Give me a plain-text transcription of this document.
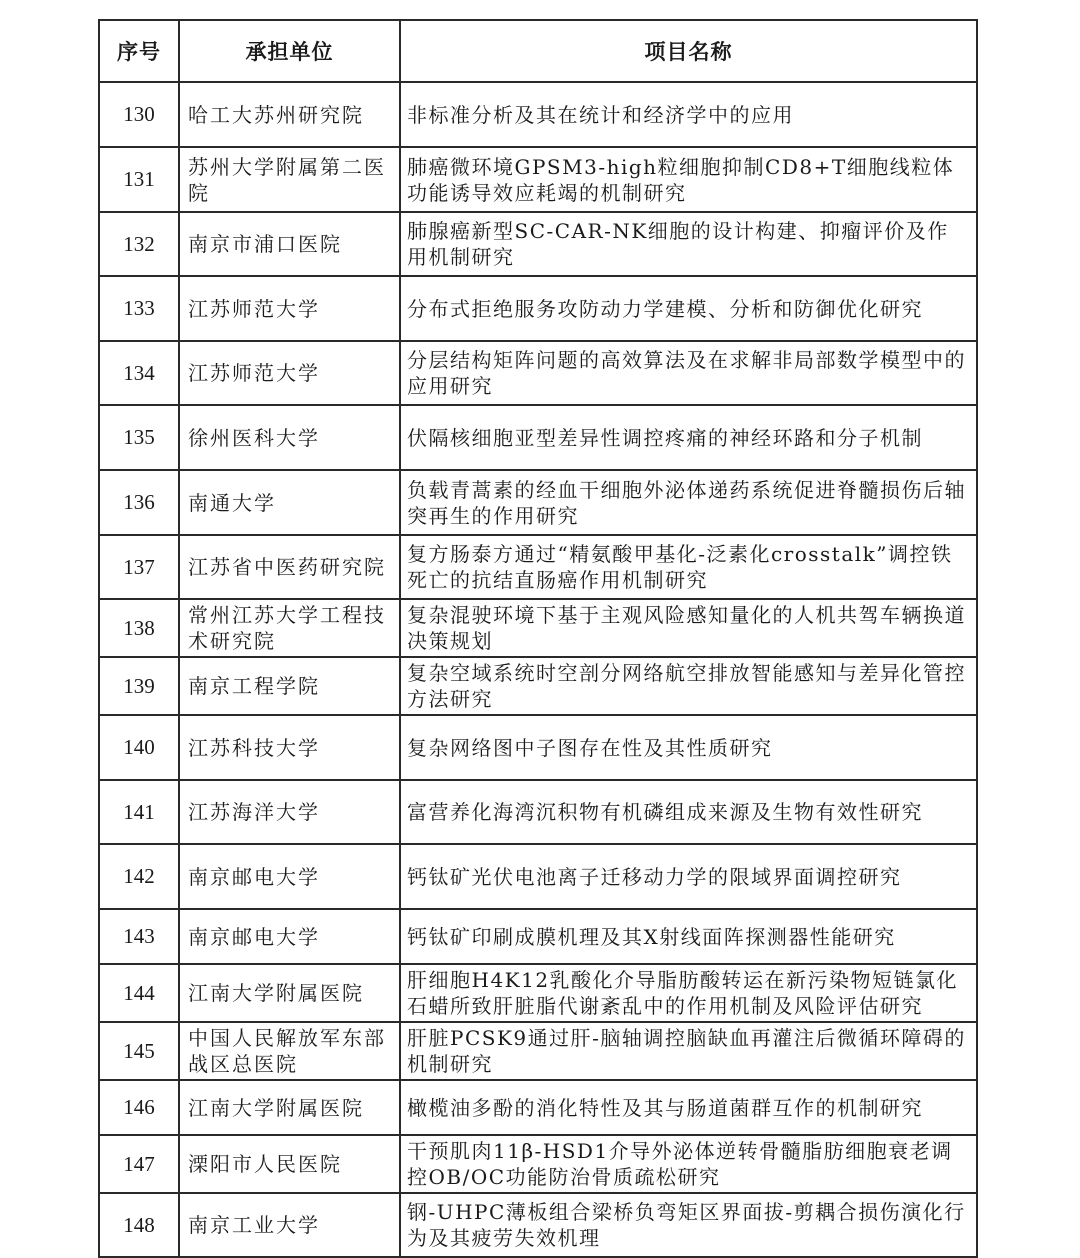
序号	承担单位	项目名称
130	哈工大苏州研究院	非标准分析及其在统计和经济学中的应用
131	苏州大学附属第二医院	肺癌微环境GPSM3-high粒细胞抑制CD8+T细胞线粒体功能诱导效应耗竭的机制研究
132	南京市浦口医院	肺腺癌新型SC-CAR-NK细胞的设计构建、抑瘤评价及作用机制研究
133	江苏师范大学	分布式拒绝服务攻防动力学建模、分析和防御优化研究
134	江苏师范大学	分层结构矩阵问题的高效算法及在求解非局部数学模型中的应用研究
135	徐州医科大学	伏隔核细胞亚型差异性调控疼痛的神经环路和分子机制
136	南通大学	负载青蒿素的经血干细胞外泌体递药系统促进脊髓损伤后轴突再生的作用研究
137	江苏省中医药研究院	复方肠泰方通过“精氨酸甲基化-泛素化crosstalk”调控铁死亡的抗结直肠癌作用机制研究
138	常州江苏大学工程技术研究院	复杂混驶环境下基于主观风险感知量化的人机共驾车辆换道决策规划
139	南京工程学院	复杂空域系统时空剖分网络航空排放智能感知与差异化管控方法研究
140	江苏科技大学	复杂网络图中子图存在性及其性质研究
141	江苏海洋大学	富营养化海湾沉积物有机磷组成来源及生物有效性研究
142	南京邮电大学	钙钛矿光伏电池离子迁移动力学的限域界面调控研究
143	南京邮电大学	钙钛矿印刷成膜机理及其X射线面阵探测器性能研究
144	江南大学附属医院	肝细胞H4K12乳酸化介导脂肪酸转运在新污染物短链氯化石蜡所致肝脏脂代谢紊乱中的作用机制及风险评估研究
145	中国人民解放军东部战区总医院	肝脏PCSK9通过肝-脑轴调控脑缺血再灌注后微循环障碍的机制研究
146	江南大学附属医院	橄榄油多酚的消化特性及其与肠道菌群互作的机制研究
147	溧阳市人民医院	干预肌肉11β-HSD1介导外泌体逆转骨髓脂肪细胞衰老调控OB/OC功能防治骨质疏松研究
148	南京工业大学	钢-UHPC薄板组合梁桥负弯矩区界面拔-剪耦合损伤演化行为及其疲劳失效机理
